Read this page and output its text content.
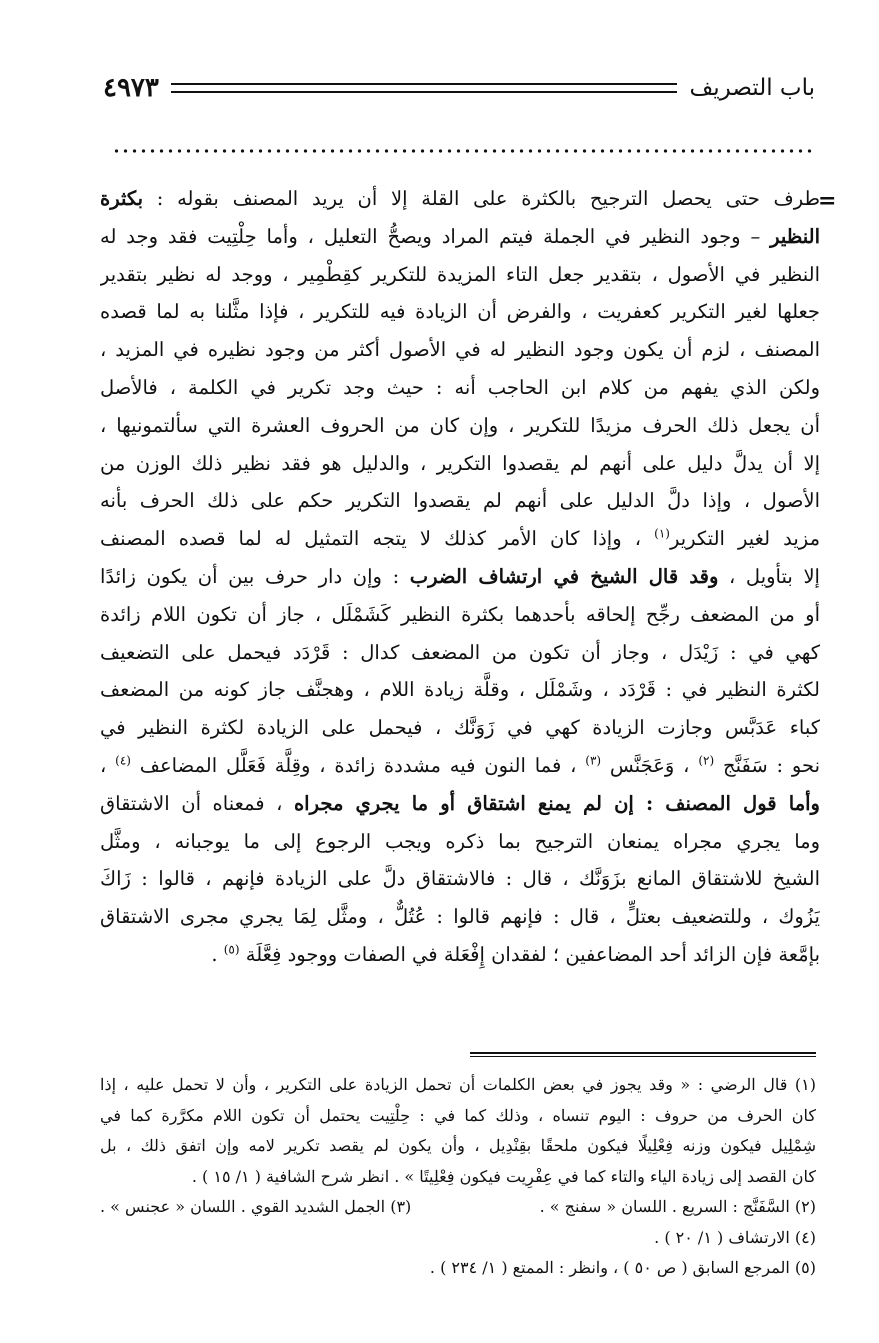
باب التصريف
٤٩٧٣
=
طرف حتى يحصل الترجيح بالكثرة على القلة إلا أن يريد المصنف بقوله : بكثرة
النظير – وجود النظير في الجملة فيتم المراد ويصحُّ التعليل ، وأما حِلْتِيت فقد وجد له
النظير في الأصول ، بتقدير جعل التاء المزيدة للتكرير كقِطْمِير ، ووجد له نظير بتقدير
جعلها لغير التكرير كعفريت ، والفرض أن الزيادة فيه للتكرير ، فإذا مثَّلنا به لما قصده
المصنف ، لزم أن يكون وجود النظير له في الأصول أكثر من وجود نظيره في المزيد ،
ولكن الذي يفهم من كلام ابن الحاجب أنه : حيث وجد تكرير في الكلمة ، فالأصل
أن يجعل ذلك الحرف مزيدًا للتكرير ، وإن كان من الحروف العشرة التي سألتمونيها ،
إلا أن يدلَّ دليل على أنهم لم يقصدوا التكرير ، والدليل هو فقد نظير ذلك الوزن من
الأصول ، وإذا دلَّ الدليل على أنهم لم يقصدوا التكرير حكم على ذلك الحرف بأنه
مزيد لغير التكرير$^{(١)}$ ، وإذا كان الأمر كذلك لا يتجه التمثيل له لما قصده المصنف
إلا بتأويل ، وقد قال الشيخ في ارتشاف الضرب : وإن دار حرف بين أن يكون زائدًا
أو من المضعف رجِّح إلحاقه بأحدهما بكثرة النظير كَشَمْلَل ، جاز أن تكون اللام زائدة
كهي في : زَيْدَل ، وجاز أن تكون من المضعف كدال : قَرْدَد فيحمل على التضعيف
لكثرة النظير في : قَرْدَد ، وشَمْلَل ، وقلَّة زيادة اللام ، وهجنَّف جاز كونه من المضعف
كباء عَدَبَّس وجازت الزيادة كهي في زَوَنَّك ، فيحمل على الزيادة لكثرة النظير في
نحو : سَفَنَّج $^{(٢)}$ ، وَعَجَنَّس $^{(٣)}$ ، فما النون فيه مشددة زائدة ، وقِلَّة فَعَلَّل المضاعف $^{(٤)}$ ،
وأما قول المصنف : إن لم يمنع اشتقاق أو ما يجري مجراه ، فمعناه أن الاشتقاق
وما يجري مجراه يمنعان الترجيح بما ذكره ويجب الرجوع إلى ما يوجبانه ، ومثَّل
الشيخ للاشتقاق المانع بزَوَنَّك ، قال : فالاشتقاق دلَّ على الزيادة فإنهم ، قالوا : زَاكَ
يَزُوك ، وللتضعيف بعتلٍّ ، قال : فإنهم قالوا : عُتُلٌّ ، ومثَّل لِمَا يجري مجرى الاشتقاق
بإمَّعة فإن الزائد أحد المضاعفين ؛ لفقدان إِفْعَلة في الصفات ووجود فِعَّلَة $^{(٥)}$ .
(١) قال الرضي : « وقد يجوز في بعض الكلمات أن تحمل الزيادة على التكرير ، وأن لا تحمل عليه ، إذا
كان الحرف من حروف : اليوم تنساه ، وذلك كما في : حِلْتِيت يحتمل أن تكون اللام مكرَّرة كما في
شِمْلِيل فيكون وزنه فِعْلِيلًا فيكون ملحقًا بقِنْدِيل ، وأن يكون لم يقصد تكرير لامه وإن اتفق ذلك ، بل
كان القصد إلى زيادة الياء والتاء كما في عِفْرِيت فيكون فِعْلِيتًا » . انظر شرح الشافية ( ١/ ١٥ ) .
(٢) السَّفَنَّج : السريع . اللسان « سفنج » .
(٣) الجمل الشديد القوي . اللسان « عجنس » .
(٤) الارتشاف ( ١/ ٢٠ ) .
(٥) المرجع السابق ( ص ٥٠ ) ، وانظر : الممتع ( ١/ ٢٣٤ ) .
